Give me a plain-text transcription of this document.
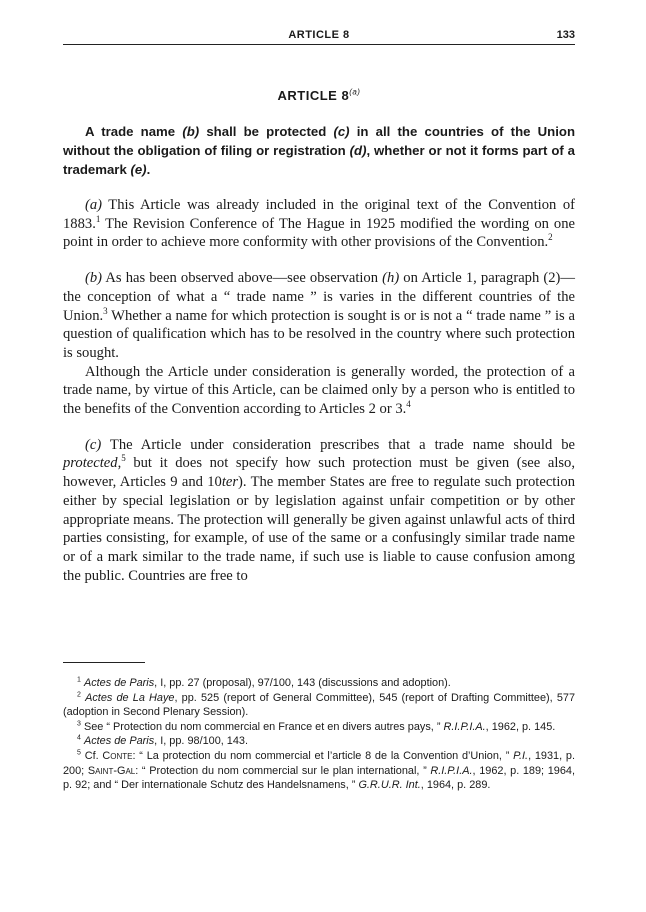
ARTICLE 8	133
ARTICLE 8$^{(a)}$

A trade name (b) shall be protected (c) in all the countries of the Union without the obligation of filing or registration (d), whether or not it forms part of a trademark (e).

(a) This Article was already included in the original text of the Convention of 1883.$^1$ The Revision Conference of The Hague in 1925 modified the wording on one point in order to achieve more conformity with other provisions of the Convention.$^2$

(b) As has been observed above—see observation (h) on Article 1, paragraph (2)—the conception of what a “ trade name ” is varies in the different countries of the Union.$^3$ Whether a name for which protection is sought is or is not a “ trade name ” is a question of qualification which has to be resolved in the country where such protection is sought.

Although the Article under consideration is generally worded, the protection of a trade name, by virtue of this Article, can be claimed only by a person who is entitled to the benefits of the Convention according to Articles 2 or 3.$^4$

(c) The Article under consideration prescribes that a trade name should be protected,$^5$ but it does not specify how such protection must be given (see also, however, Articles 9 and 10ter). The member States are free to regulate such protection either by special legislation or by legislation against unfair competition or by other appropriate means. The protection will generally be given against unlawful acts of third parties consisting, for example, of use of the same or a confusingly similar trade name or of a mark similar to the trade name, if such use is liable to cause confusion among the public. Countries are free to

$^1$ Actes de Paris, I, pp. 27 (proposal), 97/100, 143 (discussions and adoption).

$^2$ Actes de La Haye, pp. 525 (report of General Committee), 545 (report of Drafting Committee), 577 (adoption in Second Plenary Session).

$^3$ See “ Protection du nom commercial en France et en divers autres pays, ” R.I.P.I.A., 1962, p. 145.

$^4$ Actes de Paris, I, pp. 98/100, 143.

$^5$ Cf. Conte: “ La protection du nom commercial et l’article 8 de la Convention d’Union, ” P.I., 1931, p. 200; Saint-Gal: “ Protection du nom commercial sur le plan international, ” R.I.P.I.A., 1962, p. 189; 1964, p. 92; and “ Der internationale Schutz des Handelsnamens, ” G.R.U.R. Int., 1964, p. 289.
